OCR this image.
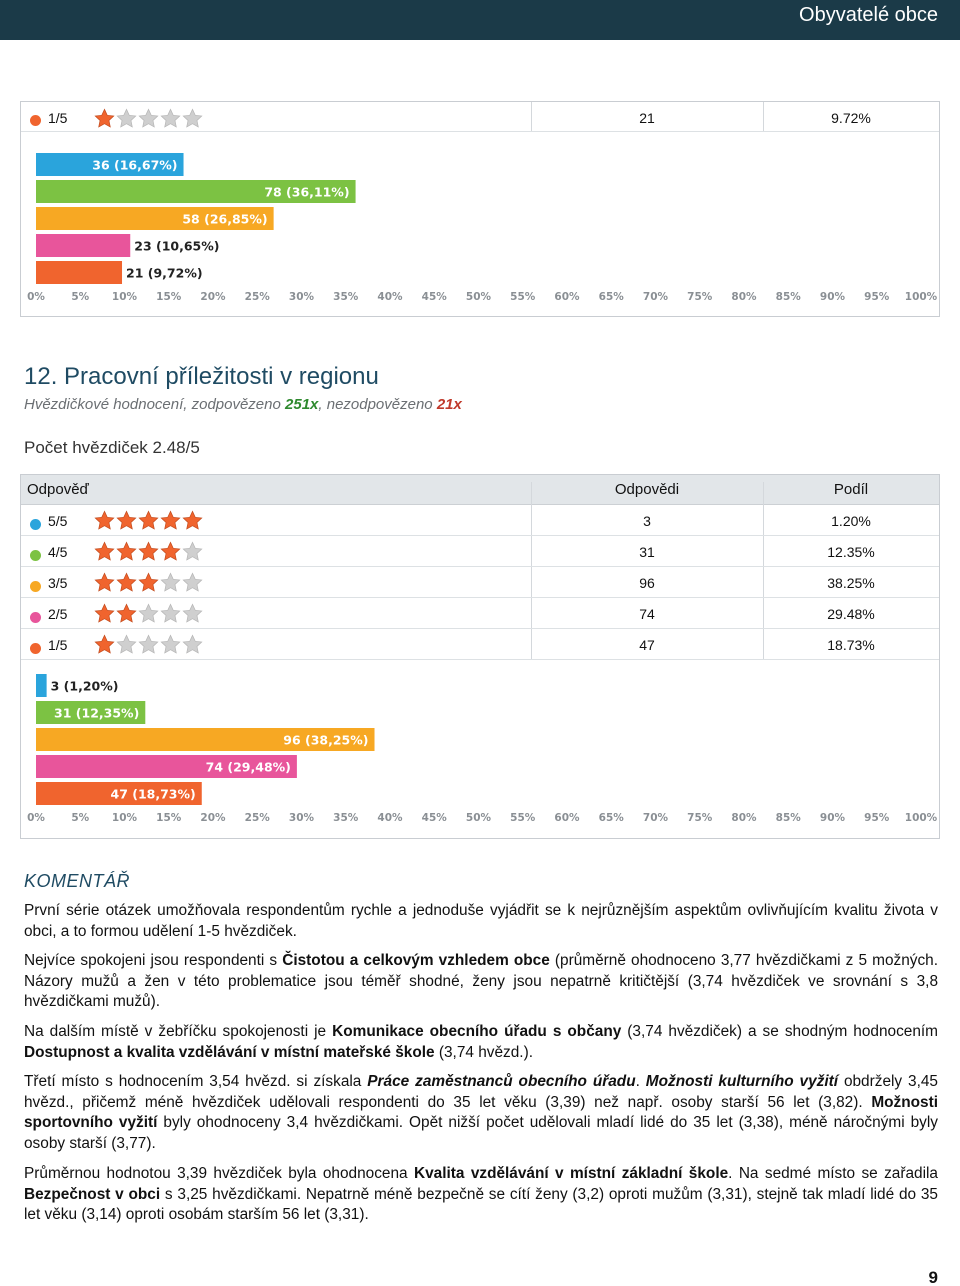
Obyvatelé obce
1/5	21	9.72%
36 (16,67%)
78 (36,11%)
58 (26,85%)
23 (10,65%)
21 (9,72%)
0%	5% 10% 15% 20% 25% 30% 35% 40% 45% 50% 55% 60% 65% 70% 75% 80% 85% 90% 95% 100%
12. Pracovní příležitosti v regionu
Hvězdičkové hodnocení, zodpovězeno 251x, nezodpovězeno 21x
Počet hvězdiček 2.48/5
Odpověď	Odpovědi	Podíl
5/5	3	1.20%
4/5	31	12.35%
3/5	96	38.25%
2/5	74	29.48%
1/5	47	18.73%
3 (1,20%)
31 (12,35%)
96 (38,25%)
74 (29,48%)
47 (18,73%)
0%	5% 10% 15% 20% 25% 30% 35% 40% 45% 50% 55% 60% 65% 70% 75% 80% 85% 90% 95% 100%
KOMENTÁŘ
První série otázek umožňovala respondentům rychle a jednoduše vyjádřit se k nejrůznějším aspektům ovlivňujícím kvalitu života v obci, a to formou udělení 1-5 hvězdiček.
Nejvíce spokojeni jsou respondenti s Čistotou a celkovým vzhledem obce (průměrně ohodnoceno 3,77 hvězdičkami z 5 možných. Názory mužů a žen v této problematice jsou téměř shodné, ženy jsou nepatrně kritičtější (3,74 hvězdiček ve srovnání s 3,8 hvězdičkami mužů).
Na dalším místě v žebříčku spokojenosti je Komunikace obecního úřadu s občany (3,74 hvězdiček) a se shodným hodnocením Dostupnost a kvalita vzdělávání v místní mateřské škole (3,74 hvězd.).
Třetí místo s hodnocením 3,54 hvězd. si získala Práce zaměstnanců obecního úřadu. Možnosti kulturního vyžití obdržely 3,45 hvězd., přičemž méně hvězdiček udělovali respondenti do 35 let věku (3,39) než např. osoby starší 56 let (3,82). Možnosti sportovního vyžití byly ohodnoceny 3,4 hvězdičkami. Opět nižší počet udělovali mladí lidé do 35 let (3,38), méně náročnými byly osoby starší (3,77).
Průměrnou hodnotou 3,39 hvězdiček byla ohodnocena Kvalita vzdělávání v místní základní škole. Na sedmé místo se zařadila Bezpečnost v obci s 3,25 hvězdičkami. Nepatrně méně bezpečně se cítí ženy (3,2) oproti mužům (3,31), stejně tak mladí lidé do 35 let věku (3,14) oproti osobám starším 56 let (3,31).
9
